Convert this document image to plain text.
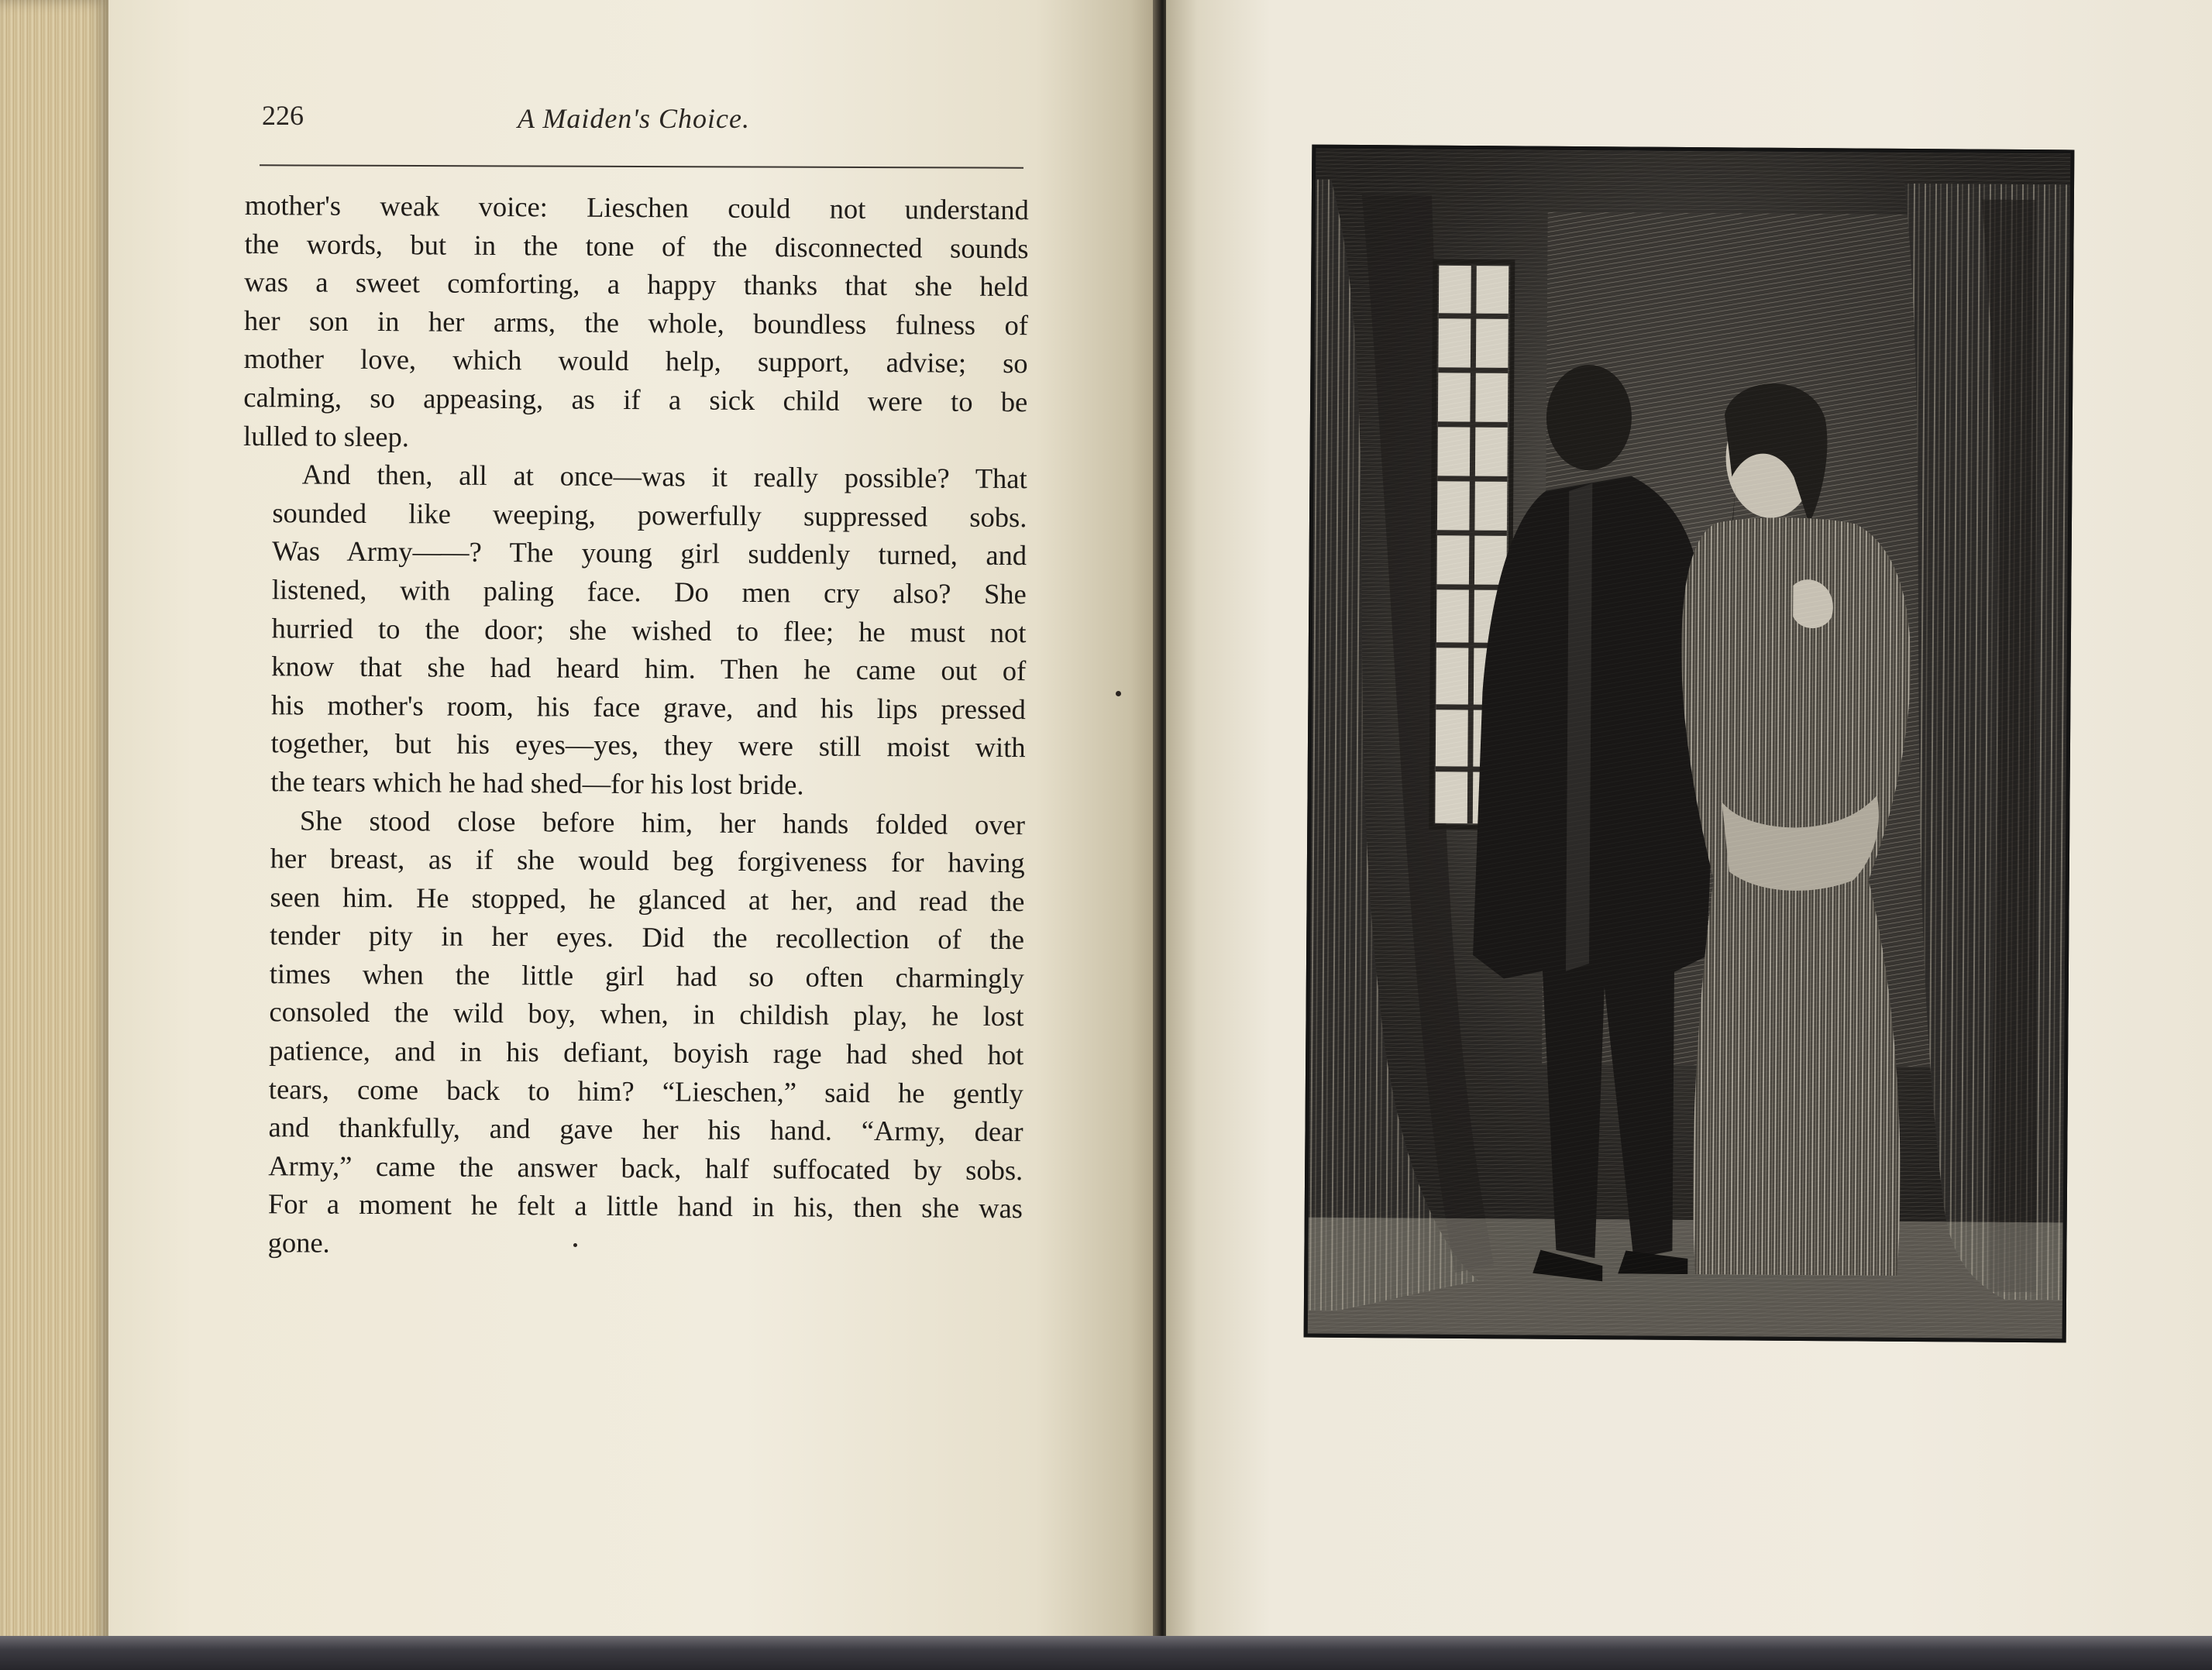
226	A Maiden's Choice.
mother's weak voice: Lieschen could not understand
the words, but in the tone of the disconnected sounds
was a sweet comforting, a happy thanks that she held
her son in her arms, the whole, boundless fulness of
mother love, which would help, support, advise; so
calming, so appeasing, as if a sick child were to be
lulled to sleep.
And then, all at once—was it really possible? That
sounded like weeping, powerfully suppressed sobs.
Was Army——? The young girl suddenly turned, and
listened, with paling face. Do men cry also? She
hurried to the door; she wished to flee; he must not
know that she had heard him. Then he came out of
his mother's room, his face grave, and his lips pressed
together, but his eyes—yes, they were still moist with
the tears which he had shed—for his lost bride.
She stood close before him, her hands folded over
her breast, as if she would beg forgiveness for having
seen him. He stopped, he glanced at her, and read the
tender pity in her eyes. Did the recollection of the
times when the little girl had so often charmingly
consoled the wild boy, when, in childish play, he lost
patience, and in his defiant, boyish rage had shed hot
tears, come back to him? “Lieschen,” said he gently
and thankfully, and gave her his hand. “Army, dear
Army,” came the answer back, half suffocated by sobs.
For a moment he felt a little hand in his, then she was
gone.
